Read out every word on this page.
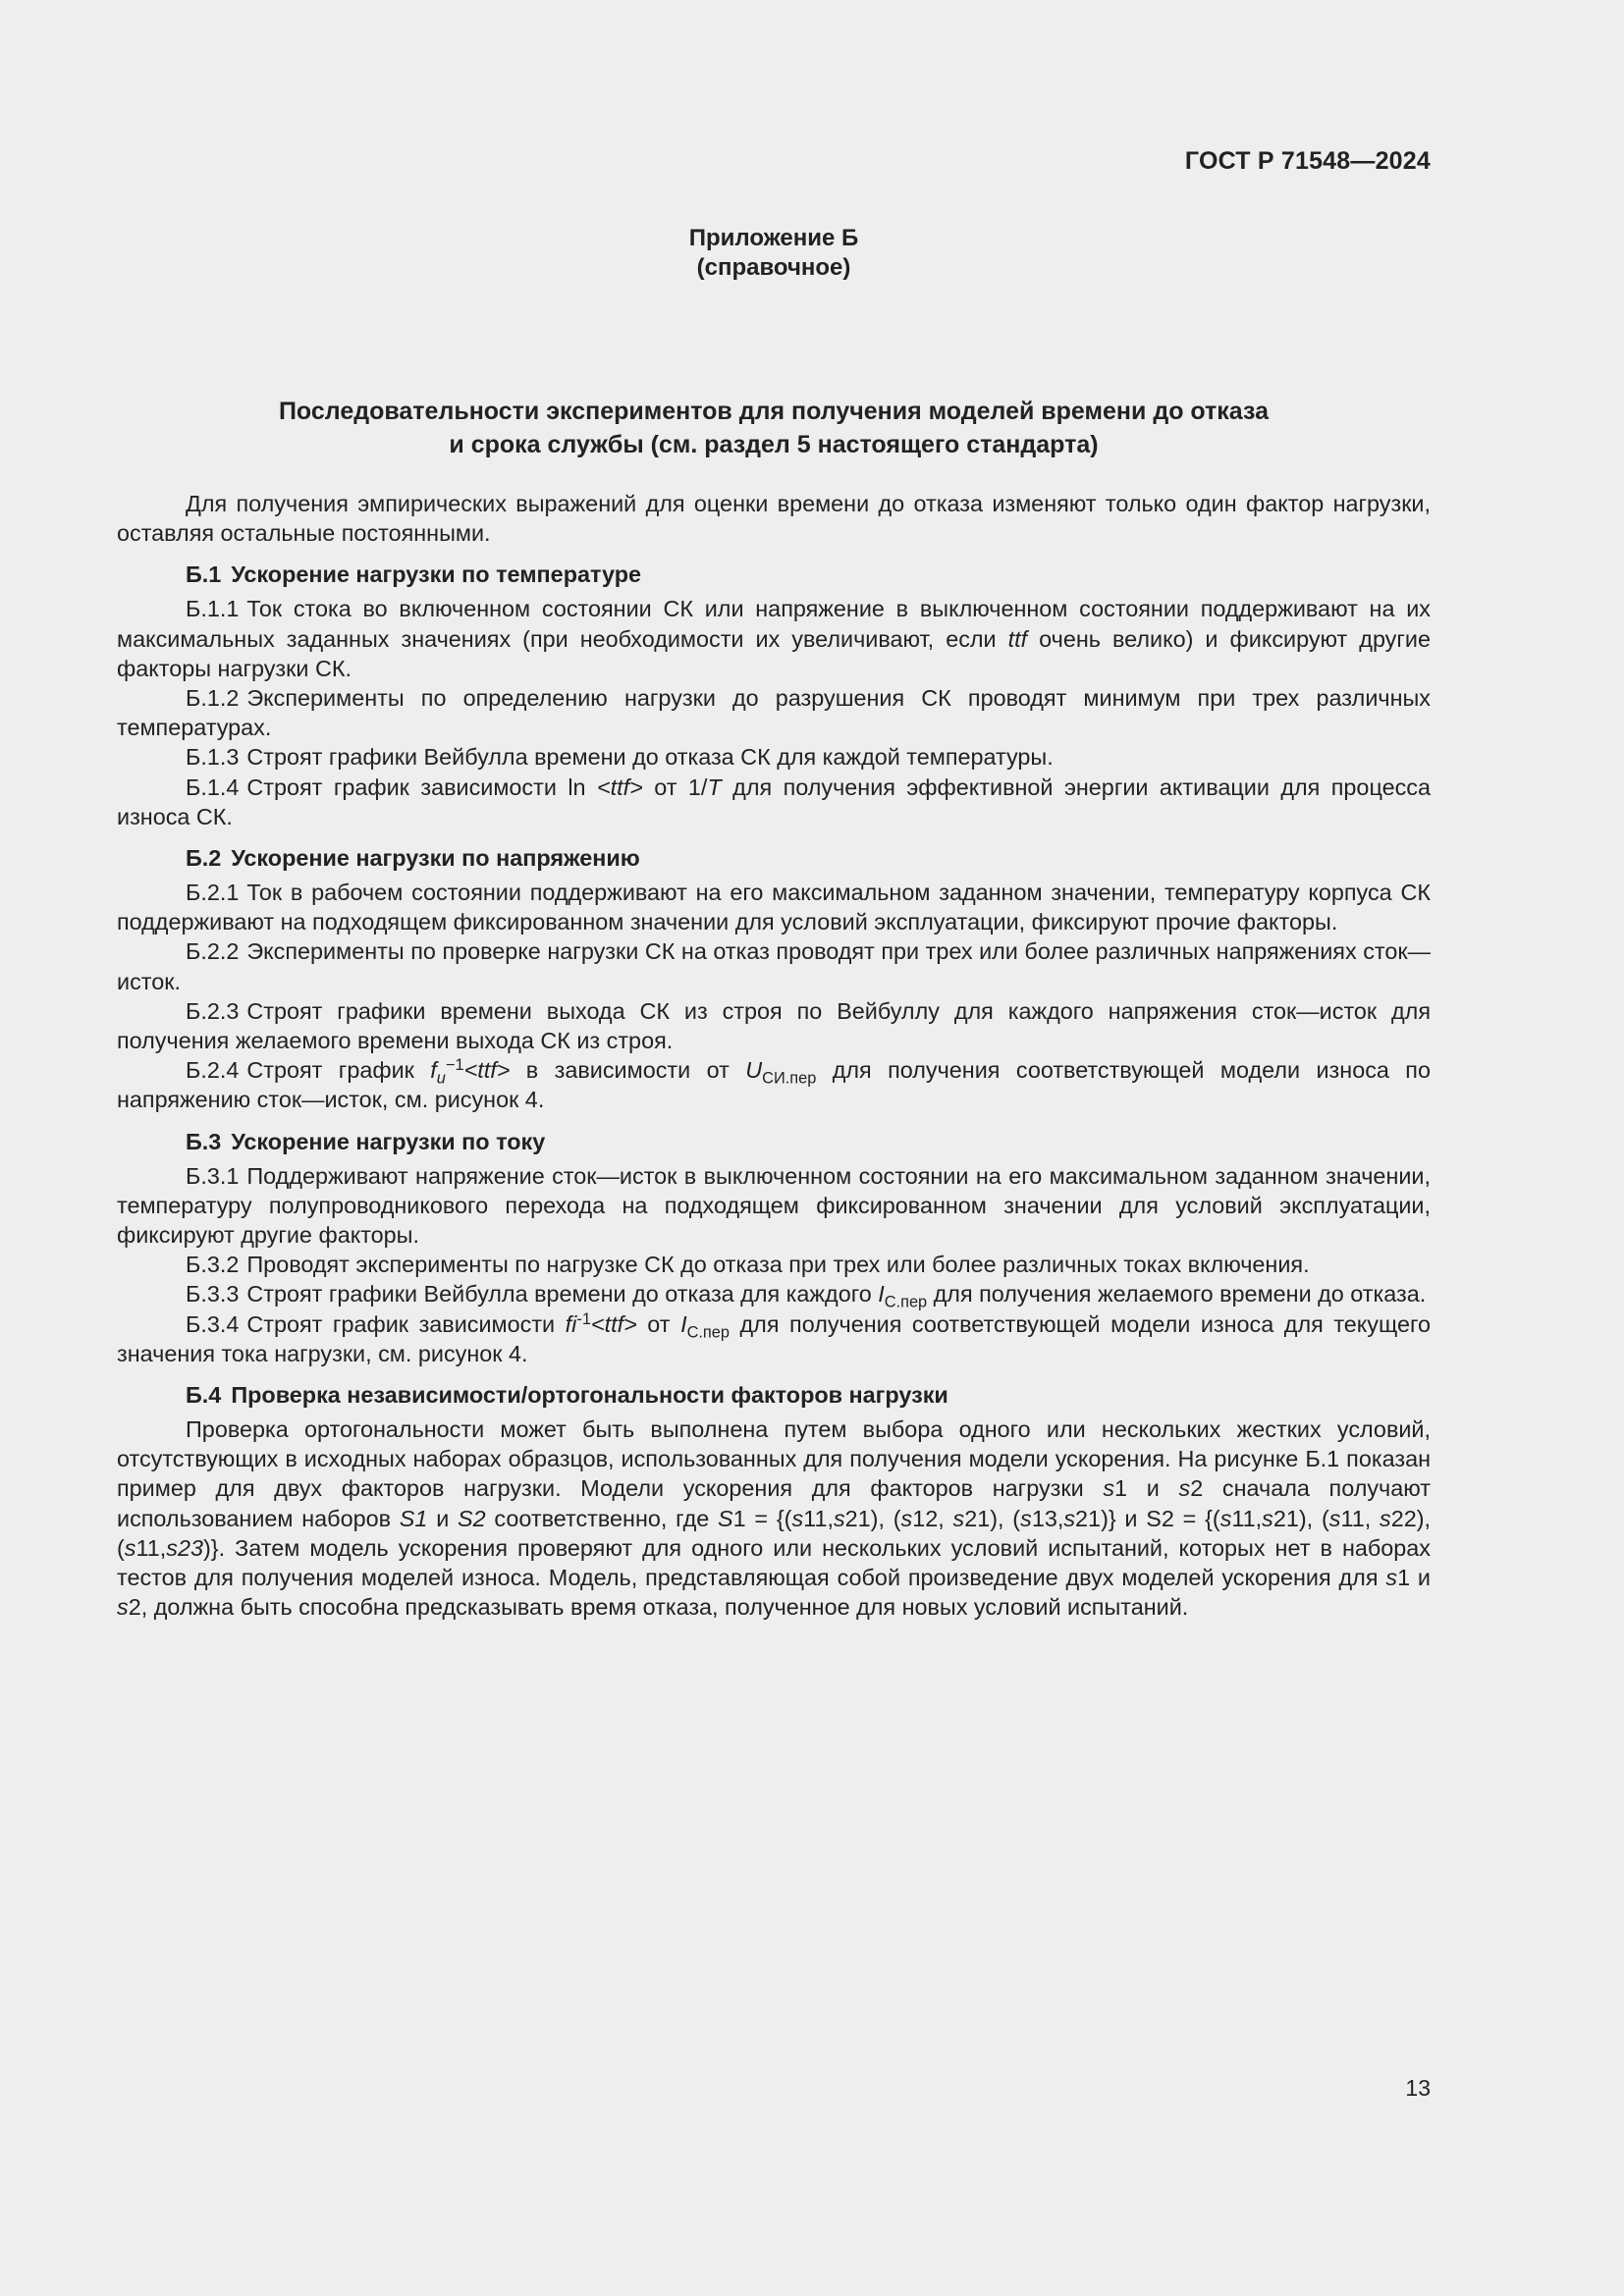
ГОСТ Р 71548—2024
Приложение Б
(справочное)
Последовательности экспериментов для получения моделей времени до отказа
и срока службы (см. раздел 5 настоящего стандарта)

Для получения эмпирических выражений для оценки времени до отказа изменяют только один фактор нагрузки, оставляя остальные постоянными.

Б.1 Ускорение нагрузки по температуре

Б.1.1 Ток стока во включенном состоянии СК или напряжение в выключенном состоянии поддерживают на их максимальных заданных значениях (при необходимости их увеличивают, если ttf очень велико) и фиксируют другие факторы нагрузки СК.

Б.1.2 Эксперименты по определению нагрузки до разрушения СК проводят минимум при трех различных температурах.

Б.1.3 Строят графики Вейбулла времени до отказа СК для каждой температуры.

Б.1.4 Строят график зависимости ln <ttf> от 1/T для получения эффективной энергии активации для процесса износа СК.

Б.2 Ускорение нагрузки по напряжению

Б.2.1 Ток в рабочем состоянии поддерживают на его максимальном заданном значении, температуру корпуса СК поддерживают на подходящем фиксированном значении для условий эксплуатации, фиксируют прочие факторы.

Б.2.2 Эксперименты по проверке нагрузки СК на отказ проводят при трех или более различных напряжениях сток—исток.

Б.2.3 Строят графики времени выхода СК из строя по Вейбуллу для каждого напряжения сток—исток для получения желаемого времени выхода СК из строя.

Б.2.4 Строят график $f_u^{-1}<ttf> в$ зависимости от $U_{СИ.пер}$ для получения соответствующей модели износа по напряжению сток—исток, см. рисунок 4.

Б.3 Ускорение нагрузки по току

Б.3.1 Поддерживают напряжение сток—исток в выключенном состоянии на его максимальном заданном значении, температуру полупроводникового перехода на подходящем фиксированном значении для условий эксплуатации, фиксируют другие факторы.

Б.3.2 Проводят эксперименты по нагрузке СК до отказа при трех или более различных токах включения.

Б.3.3 Строят графики Вейбулла времени до отказа для каждого $I_{С.пер}$ для получения желаемого времени до отказа.

Б.3.4 Строят график зависимости $fi^{-1}<ttf>$ от $I_{С.пер}$ для получения соответствующей модели износа для текущего значения тока нагрузки, см. рисунок 4.

Б.4 Проверка независимости/ортогональности факторов нагрузки

Проверка ортогональности может быть выполнена путем выбора одного или нескольких жестких условий, отсутствующих в исходных наборах образцов, использованных для получения модели ускорения. На рисунке Б.1 показан пример для двух факторов нагрузки. Модели ускорения для факторов нагрузки s1 и s2 сначала получают использованием наборов S1 и S2 соответственно, где S1 = {(s11,s21), (s12, s21), (s13,s21)} и S2 = {(s11,s21), (s11, s22), (s11,s23)}. Затем модель ускорения проверяют для одного или нескольких условий испытаний, которых нет в наборах тестов для получения моделей износа. Модель, представляющая собой произведение двух моделей ускорения для s1 и s2, должна быть способна предсказывать время отказа, полученное для новых условий испытаний.

13
